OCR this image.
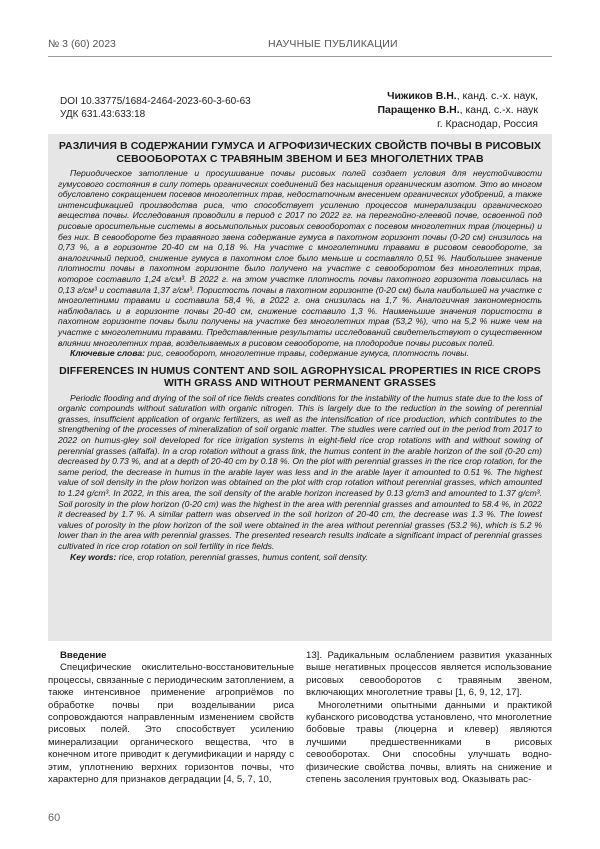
№ 3 (60) 2023	НАУЧНЫЕ ПУБЛИКАЦИИ
DOI 10.33775/1684-2464-2023-60-3-60-63
УДК 631.43:633:18
Чижиков В.Н., канд. с.-х. наук,
Паращенко В.Н., канд. с.-х. наук
г. Краснодар, Россия
РАЗЛИЧИЯ В СОДЕРЖАНИИ ГУМУСА И АГРОФИЗИЧЕСКИХ СВОЙСТВ ПОЧВЫ В РИСОВЫХ СЕВООБОРОТАХ С ТРАВЯНЫМ ЗВЕНОМ И БЕЗ МНОГОЛЕТНИХ ТРАВ

Периодическое затопление и просушивание почвы рисовых полей создает условия для неустойчивости гумусового состояния в силу потерь органических соединений без насыщения органическим азотом. Это во многом обусловлено сокращением посевов многолетних трав, недостаточным внесением органических удобрений, а также интенсификацией производства риса, что способствует усилению процессов минерализации органического вещества почвы. Исследования проводили в период с 2017 по 2022 гг. на перегнойно-глеевой почве, освоенной под рисовые оросительные системы в восьмипольных рисовых севооборотах с посевом многолетних трав (люцерны) и без них. В севообороте без травяного звена содержание гумуса в пахотном горизонт почвы (0-20 см) снизилось на 0,73 %, а в горизонте 20-40 см на 0,18 %. На участке с многолетними травами в рисовом севообороте, за аналогичный период, снижение гумуса в пахотном слое было меньше и составляло 0,51 %. Наибольшее значение плотности почвы в пахотном горизонте было получено на участке с севооборотом без многолетних трав, которое составило 1,24 г/см³. В 2022 г. на этом участке плотность почвы пахотного горизонта повысилась на 0,13 г/см³ и составила 1,37 г/см³. Пористость почвы в пахотном горизонте (0-20 см) была наибольшей на участке с многолетними травами и составила 58,4 %, в 2022 г. она снизилась на 1,7 %. Аналогичная закономерность наблюдалась и в горизонте почвы 20-40 см, снижение составило 1,3 %. Наименьшие значения пористости в пахотном горизонте почвы были получены на участке без многолетних трав (53,2 %), что на 5,2 % ниже чем на участке с многолетними травами. Представленные результаты исследований свидетельствуют о существенном влиянии многолетних трав, возделываемых в рисовом севообороте, на плодородие почвы рисовых полей.

Ключевые слова: рис, севооборот, многолетние травы, содержание гумуса, плотность почвы.

DIFFERENCES IN HUMUS CONTENT AND SOIL AGROPHYSICAL PROPERTIES IN RICE CROPS WITH GRASS AND WITHOUT PERMANENT GRASSES

Periodic flooding and drying of the soil of rice fields creates conditions for the instability of the humus state due to the loss of organic compounds without saturation with organic nitrogen. This is largely due to the reduction in the sowing of perennial grasses, insufficient application of organic fertilizers, as well as the intensification of rice production, which contributes to the strengthening of the processes of mineralization of soil organic matter. The studies were carried out in the period from 2017 to 2022 on humus-gley soil developed for rice irrigation systems in eight-field rice crop rotations with and without sowing of perennial grasses (alfalfa). In a crop rotation without a grass link, the humus content in the arable horizon of the soil (0-20 cm) decreased by 0.73 %, and at a depth of 20-40 cm by 0.18 %. On the plot with perennial grasses in the rice crop rotation, for the same period, the decrease in humus in the arable layer was less and in the arable layer it amounted to 0.51 %. The highest value of soil density in the plow horizon was obtained on the plot with crop rotation without perennial grasses, which amounted to 1.24 g/cm³. In 2022, in this area, the soil density of the arable horizon increased by 0.13 g/cm3 and amounted to 1.37 g/cm³. Soil porosity in the plow horizon (0-20 cm) was the highest in the area with perennial grasses and amounted to 58.4 %, in 2022 it decreased by 1.7 %. A similar pattern was observed in the soil horizon of 20-40 cm, the decrease was 1.3 %. The lowest values of porosity in the plow horizon of the soil were obtained in the area without perennial grasses (53.2 %), which is 5.2 % lower than in the area with perennial grasses. The presented research results indicate a significant impact of perennial grasses cultivated in rice crop rotation on soil fertility in rice fields.

Key words: rice, crop rotation, perennial grasses, humus content, soil density.

Введение

Специфические окислительно-восстановительные процессы, связанные с периодическим затоплением, а также интенсивное применение агроприёмов по обработке почвы при возделывании риса сопровождаются направленным изменением свойств рисовых полей. Это способствует усилению минерализации органического вещества, что в конечном итоге приводит к дегумификации и наряду с этим, уплотнению верхних горизонтов почвы, что характерно для признаков деградации [4, 5, 7, 10,

13]. Радикальным ослаблением развития указанных выше негативных процессов является использование рисовых севооборотов с травяным звеном, включающих многолетние травы [1, 6, 9, 12, 17].

Многолетними опытными данными и практикой кубанского рисоводства установлено, что многолетние бобовые травы (люцерна и клевер) являются лучшими предшественниками в рисовых севооборотах. Они способны улучшать водно-физические свойства почвы, влиять на снижение и степень засоления грунтовых вод. Оказывать рас-

60
